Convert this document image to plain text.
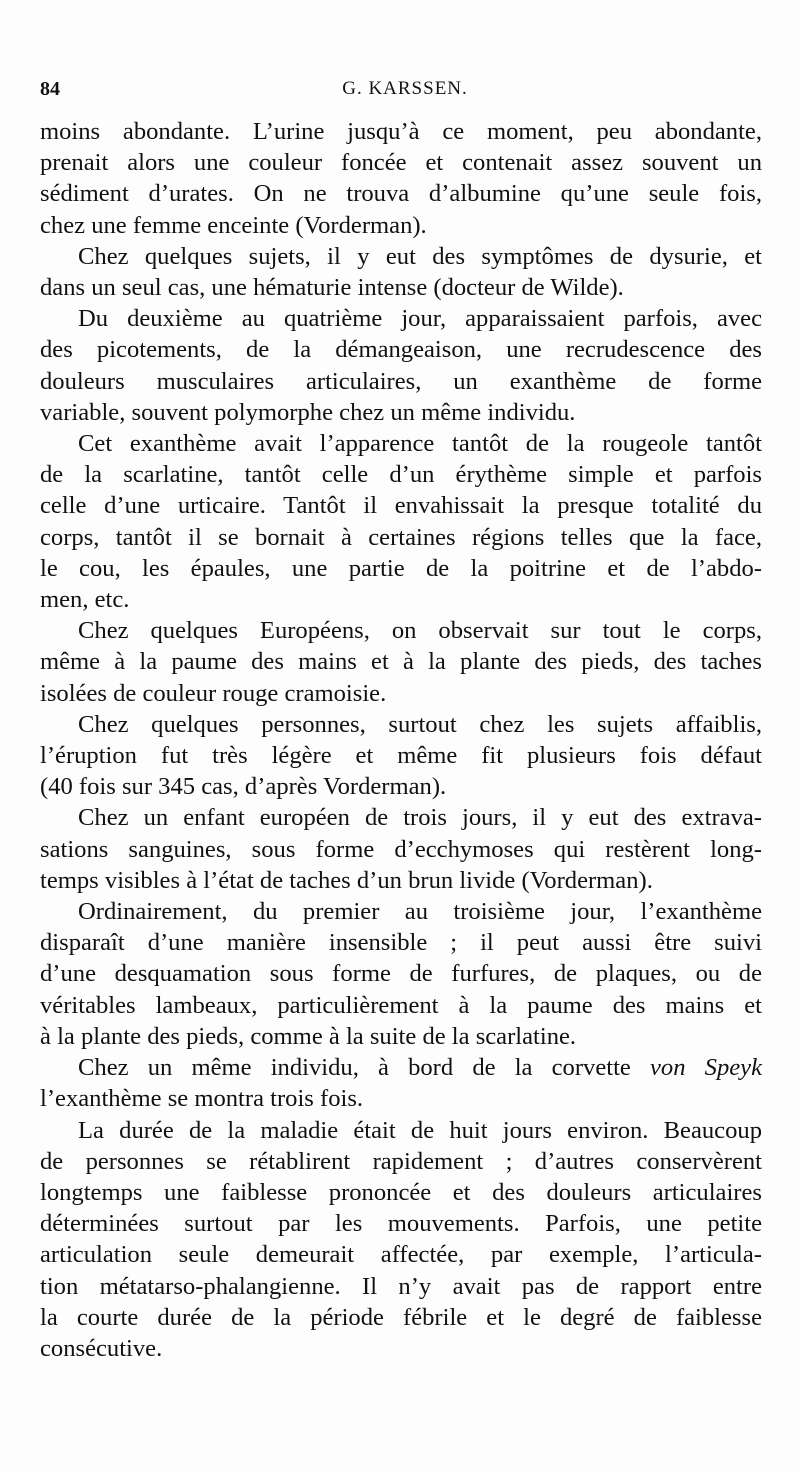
84	G. KARSSEN.

moins abondante. L’urine jusqu’à ce moment, peu abondante,
prenait alors une couleur foncée et contenait assez souvent un
sédiment d’urates. On ne trouva d’albumine qu’une seule fois,
chez une femme enceinte (Vorderman).

Chez quelques sujets, il y eut des symptômes de dysurie, et
dans un seul cas, une hématurie intense (docteur de Wilde).

Du deuxième au quatrième jour, apparaissaient parfois, avec
des picotements, de la démangeaison, une recrudescence des
douleurs musculaires articulaires, un exanthème de forme
variable, souvent polymorphe chez un même individu.

Cet exanthème avait l’apparence tantôt de la rougeole tantôt
de la scarlatine, tantôt celle d’un érythème simple et parfois
celle d’une urticaire. Tantôt il envahissait la presque totalité du
corps, tantôt il se bornait à certaines régions telles que la face,
le cou, les épaules, une partie de la poitrine et de l’abdo-
men, etc.

Chez quelques Européens, on observait sur tout le corps,
même à la paume des mains et à la plante des pieds, des taches
isolées de couleur rouge cramoisie.

Chez quelques personnes, surtout chez les sujets affaiblis,
l’éruption fut très légère et même fit plusieurs fois défaut
(40 fois sur 345 cas, d’après Vorderman).

Chez un enfant européen de trois jours, il y eut des extrava-
sations sanguines, sous forme d’ecchymoses qui restèrent long-
temps visibles à l’état de taches d’un brun livide (Vorderman).

Ordinairement, du premier au troisième jour, l’exanthème
disparaît d’une manière insensible ; il peut aussi être suivi
d’une desquamation sous forme de furfures, de plaques, ou de
véritables lambeaux, particulièrement à la paume des mains et
à la plante des pieds, comme à la suite de la scarlatine.

Chez un même individu, à bord de la corvette von Speyk
l’exanthème se montra trois fois.

La durée de la maladie était de huit jours environ. Beaucoup
de personnes se rétablirent rapidement ; d’autres conservèrent
longtemps une faiblesse prononcée et des douleurs articulaires
déterminées surtout par les mouvements. Parfois, une petite
articulation seule demeurait affectée, par exemple, l’articula-
tion métatarso-phalangienne. Il n’y avait pas de rapport entre
la courte durée de la période fébrile et le degré de faiblesse
consécutive.
